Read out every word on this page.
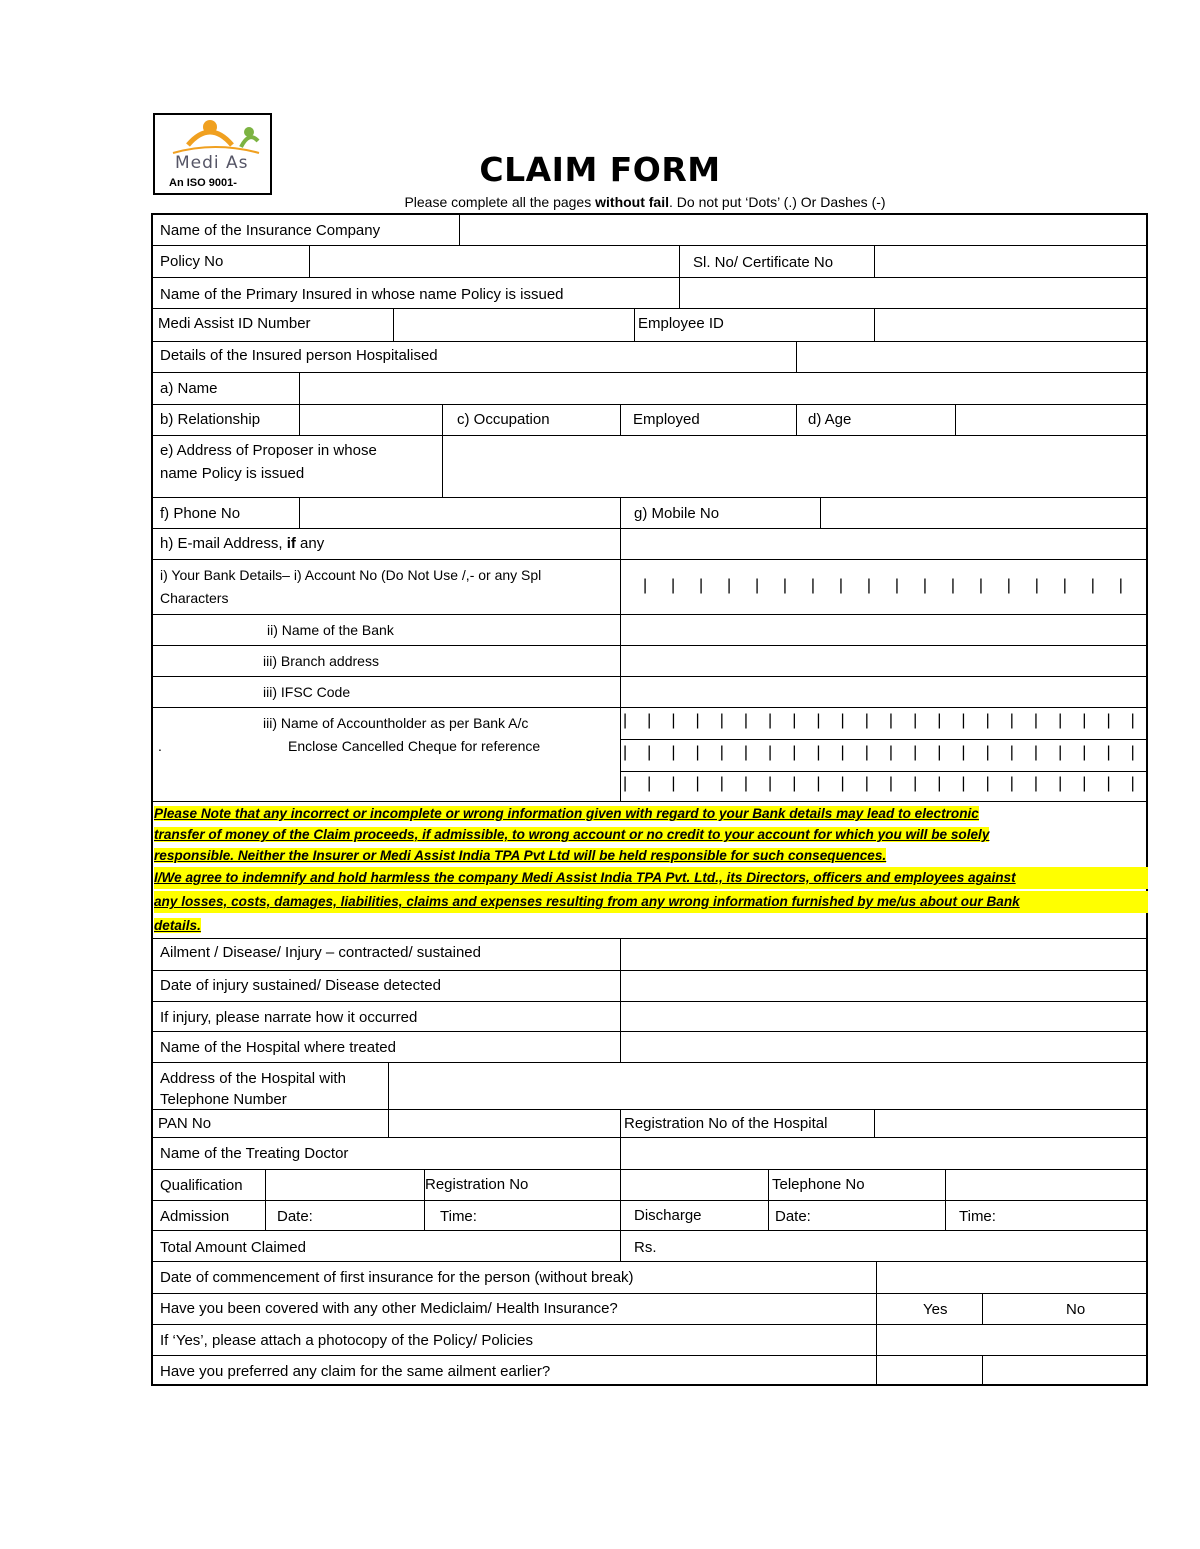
Medi As
An ISO 9001-	CLAIM FORM
Please complete all the pages without fail. Do not put ‘Dots’ (.) Or Dashes (-)
Name of the Insurance Company
Policy No	Sl. No/ Certificate No
Name of the Primary Insured in whose name Policy is issued
Medi Assist ID Number	Employee ID
Details of the Insured person Hospitalised
a) Name
b) Relationship	c) Occupation	Employed	d) Age
e) Address of Proposer in whose
name Policy is issued
f) Phone No	g) Mobile No
h) E-mail Address, if any
i) Your Bank Details– i) Account No (Do Not Use /,- or any Spl
Characters
| | | | | | | | | | | | | | | | | |
ii) Name of the Bank
iii) Branch address
iii) IFSC Code
iii) Name of Accountholder as per Bank A/c
.	Enclose Cancelled Cheque for reference
| | | | | | | | | | | | | | | | | | | | | |
| | | | | | | | | | | | | | | | | | | | | |
| | | | | | | | | | | | | | | | | | | | | |
Please Note that any incorrect or incomplete or wrong information given with regard to your Bank details may lead to electronic
transfer of money of the Claim proceeds, if admissible, to wrong account or no credit to your account for which you will be solely
responsible. Neither the Insurer or Medi Assist India TPA Pvt Ltd will be held responsible for such consequences.
I/We agree to indemnify and hold harmless the company Medi Assist India TPA Pvt. Ltd., its Directors, officers and employees against
any losses, costs, damages, liabilities, claims and expenses resulting from any wrong information furnished by me/us about our Bank
details.
Ailment / Disease/ Injury – contracted/ sustained
Date of injury sustained/ Disease detected
If injury, please narrate how it occurred
Name of the Hospital where treated
Address of the Hospital with
Telephone Number
PAN No	Registration No of the Hospital
Name of the Treating Doctor
Qualification	Registration No	Telephone No
Admission	Date:	Time:	Discharge	Date:	Time:
Total Amount Claimed	Rs.
Date of commencement of first insurance for the person (without break)
Have you been covered with any other Mediclaim/ Health Insurance?	Yes	No
If ‘Yes’, please attach a photocopy of the Policy/ Policies
Have you preferred any claim for the same ailment earlier?
